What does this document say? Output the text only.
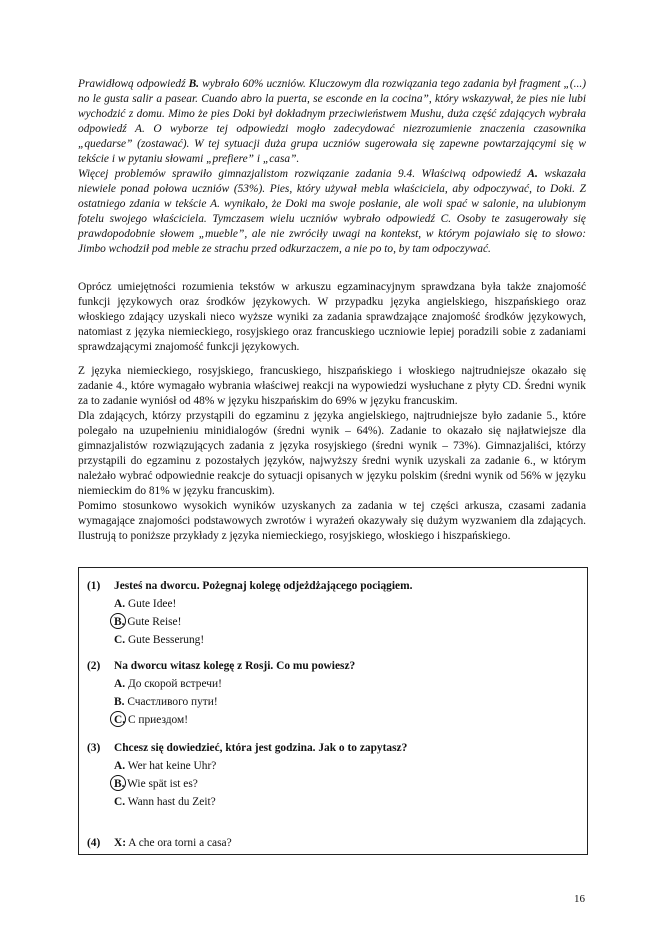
Prawidłową odpowiedź B. wybrało 60% uczniów. Kluczowym dla rozwiązania tego zadania był fragment „(...) no le gusta salir a pasear. Cuando abro la puerta, se esconde en la cocina”, który wskazywał, że pies nie lubi wychodzić z domu. Mimo że pies Doki był dokładnym przeciwieństwem Mushu, duża część zdających wybrała odpowiedź A. O wyborze tej odpowiedzi mogło zadecydować niezrozumienie znaczenia czasownika „quedarse” (zostawać). W tej sytuacji duża grupa uczniów sugerowała się zapewne powtarzającymi się w tekście i w pytaniu słowami „prefiere” i „casa”.

Więcej problemów sprawiło gimnazjalistom rozwiązanie zadania 9.4. Właściwą odpowiedź A. wskazała niewiele ponad połowa uczniów (53%). Pies, który używał mebla właściciela, aby odpoczywać, to Doki. Z ostatniego zdania w tekście A. wynikało, że Doki ma swoje posłanie, ale woli spać w salonie, na ulubionym fotelu swojego właściciela. Tymczasem wielu uczniów wybrało odpowiedź C. Osoby te zasugerowały się prawdopodobnie słowem „mueble”, ale nie zwróciły uwagi na kontekst, w którym pojawiało się to słowo: Jimbo wchodził pod meble ze strachu przed odkurzaczem, a nie po to, by tam odpoczywać.

Oprócz umiejętności rozumienia tekstów w arkuszu egzaminacyjnym sprawdzana była także znajomość funkcji językowych oraz środków językowych. W przypadku języka angielskiego, hiszpańskiego oraz włoskiego zdający uzyskali nieco wyższe wyniki za zadania sprawdzające znajomość środków językowych, natomiast z języka niemieckiego, rosyjskiego oraz francuskiego uczniowie lepiej poradzili sobie z zadaniami sprawdzającymi znajomość funkcji językowych.

Z języka niemieckiego, rosyjskiego, francuskiego, hiszpańskiego i włoskiego najtrudniejsze okazało się zadanie 4., które wymagało wybrania właściwej reakcji na wypowiedzi wysłuchane z płyty CD. Średni wynik za to zadanie wyniósł od 48% w języku hiszpańskim do 69% w języku francuskim.

Dla zdających, którzy przystąpili do egzaminu z języka angielskiego, najtrudniejsze było zadanie 5., które polegało na uzupełnieniu minidialogów (średni wynik – 64%). Zadanie to okazało się najłatwiejsze dla gimnazjalistów rozwiązujących zadania z języka rosyjskiego (średni wynik – 73%). Gimnazjaliści, którzy przystąpili do egzaminu z pozostałych języków, najwyższy średni wynik uzyskali za zadanie 6., w którym należało wybrać odpowiednie reakcje do sytuacji opisanych w języku polskim (średni wynik od 56% w języku niemieckim do 81% w języku francuskim).

Pomimo stosunkowo wysokich wyników uzyskanych za zadania w tej części arkusza, czasami zadania wymagające znajomości podstawowych zwrotów i wyrażeń okazywały się dużym wyzwaniem dla zdających. Ilustrują to poniższe przykłady z języka niemieckiego, rosyjskiego, włoskiego i hiszpańskiego.

(1) Jesteś na dworcu. Pożegnaj kolegę odjeżdżającego pociągiem.
A. Gute Idee!
B. Gute Reise!
C. Gute Besserung!
(2) Na dworcu witasz kolegę z Rosji. Co mu powiesz?
A. До скорой встречи!
B. Счастливого пути!
C. С приездом!
(3) Chcesz się dowiedzieć, która jest godzina. Jak o to zapytasz?
A. Wer hat keine Uhr?
B. Wie spät ist es?
C. Wann hast du Zeit?
(4) X: A che ora torni a casa?
16
